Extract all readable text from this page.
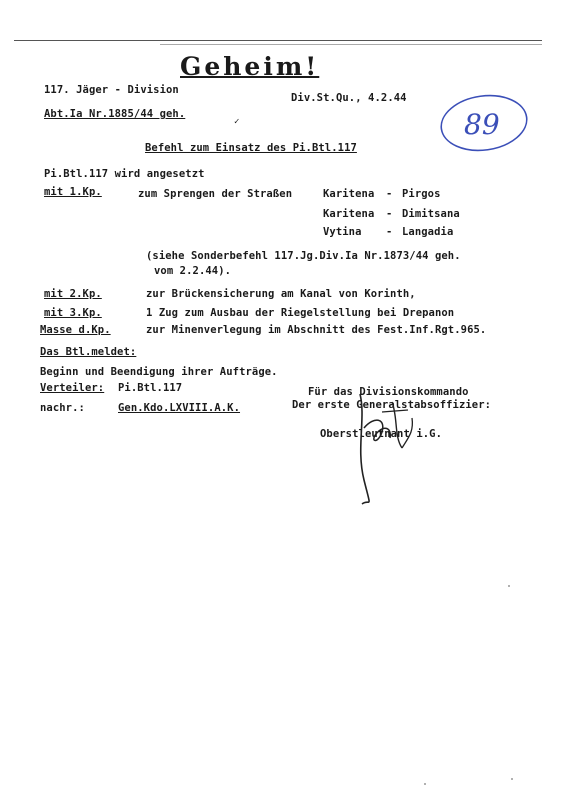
Geheim!
117. Jäger - Division
Div.St.Qu., 4.2.44
Abt.Ia Nr.1885/44 geh.	89
✓
Befehl zum Einsatz des Pi.Btl.117
Pi.Btl.117 wird angesetzt
mit 1.Kp.	zum Sprengen der Straßen	Karitena - Pirgos
Karitena - Dimitsana
Vytina - Langadia
(siehe Sonderbefehl 117.Jg.Div.Ia Nr.1873/44 geh.
vom 2.2.44).
mit 2.Kp.	zur Brückensicherung am Kanal von Korinth,
mit 3.Kp.	1 Zug zum Ausbau der Riegelstellung bei Drepanon
Masse d.Kp.	zur Minenverlegung im Abschnitt des Fest.Inf.Rgt.965.
Das Btl.meldet:
Beginn und Beendigung ihrer Aufträge.
Verteiler: Pi.Btl.117
nachr.:	Gen.Kdo.LXVIII.A.K.
Für das Divisionskommando
Der erste Generalstabsoffizier:
Oberstleutnant i.G.
